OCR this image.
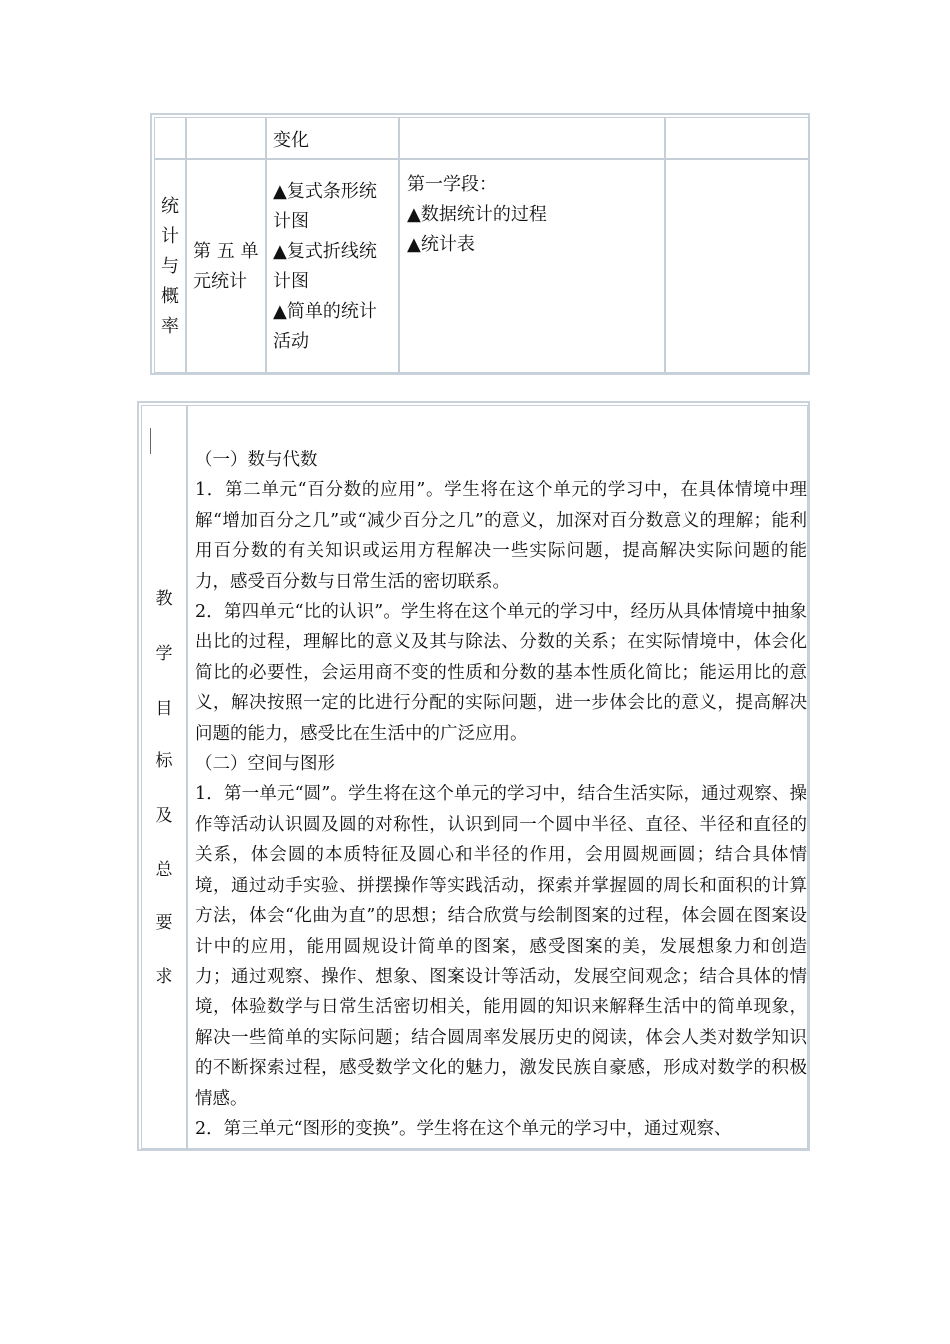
变化
统
计
与
概
率
第 五 单
元统计
▲复式条形统
计图
▲复式折线统
计图
▲简单的统计
活动
第一学段：
▲数据统计的过程
▲统计表
教
学
目
标
及
总
要
求

（一）数与代数

1．第二单元“百分数的应用”。学生将在这个单元的学习中，在具体情境中理解“增加百分之几”或“减少百分之几”的意义，加深对百分数意义的理解；能利用百分数的有关知识或运用方程解决一些实际问题，提高解决实际问题的能力，感受百分数与日常生活的密切联系。

2．第四单元“比的认识”。学生将在这个单元的学习中，经历从具体情境中抽象出比的过程，理解比的意义及其与除法、分数的关系；在实际情境中，体会化简比的必要性，会运用商不变的性质和分数的基本性质化简比；能运用比的意义，解决按照一定的比进行分配的实际问题，进一步体会比的意义，提高解决问题的能力，感受比在生活中的广泛应用。

（二）空间与图形

1．第一单元“圆”。学生将在这个单元的学习中，结合生活实际，通过观察、操作等活动认识圆及圆的对称性，认识到同一个圆中半径、直径、半径和直径的关系，体会圆的本质特征及圆心和半径的作用，会用圆规画圆；结合具体情境，通过动手实验、拼摆操作等实践活动，探索并掌握圆的周长和面积的计算方法，体会“化曲为直”的思想；结合欣赏与绘制图案的过程，体会圆在图案设计中的应用，能用圆规设计简单的图案，感受图案的美，发展想象力和创造力；通过观察、操作、想象、图案设计等活动，发展空间观念；结合具体的情境，体验数学与日常生活密切相关，能用圆的知识来解释生活中的简单现象，解决一些简单的实际问题；结合圆周率发展历史的阅读，体会人类对数学知识的不断探索过程，感受数学文化的魅力，激发民族自豪感，形成对数学的积极情感。

2．第三单元“图形的变换”。学生将在这个单元的学习中，通过观察、
